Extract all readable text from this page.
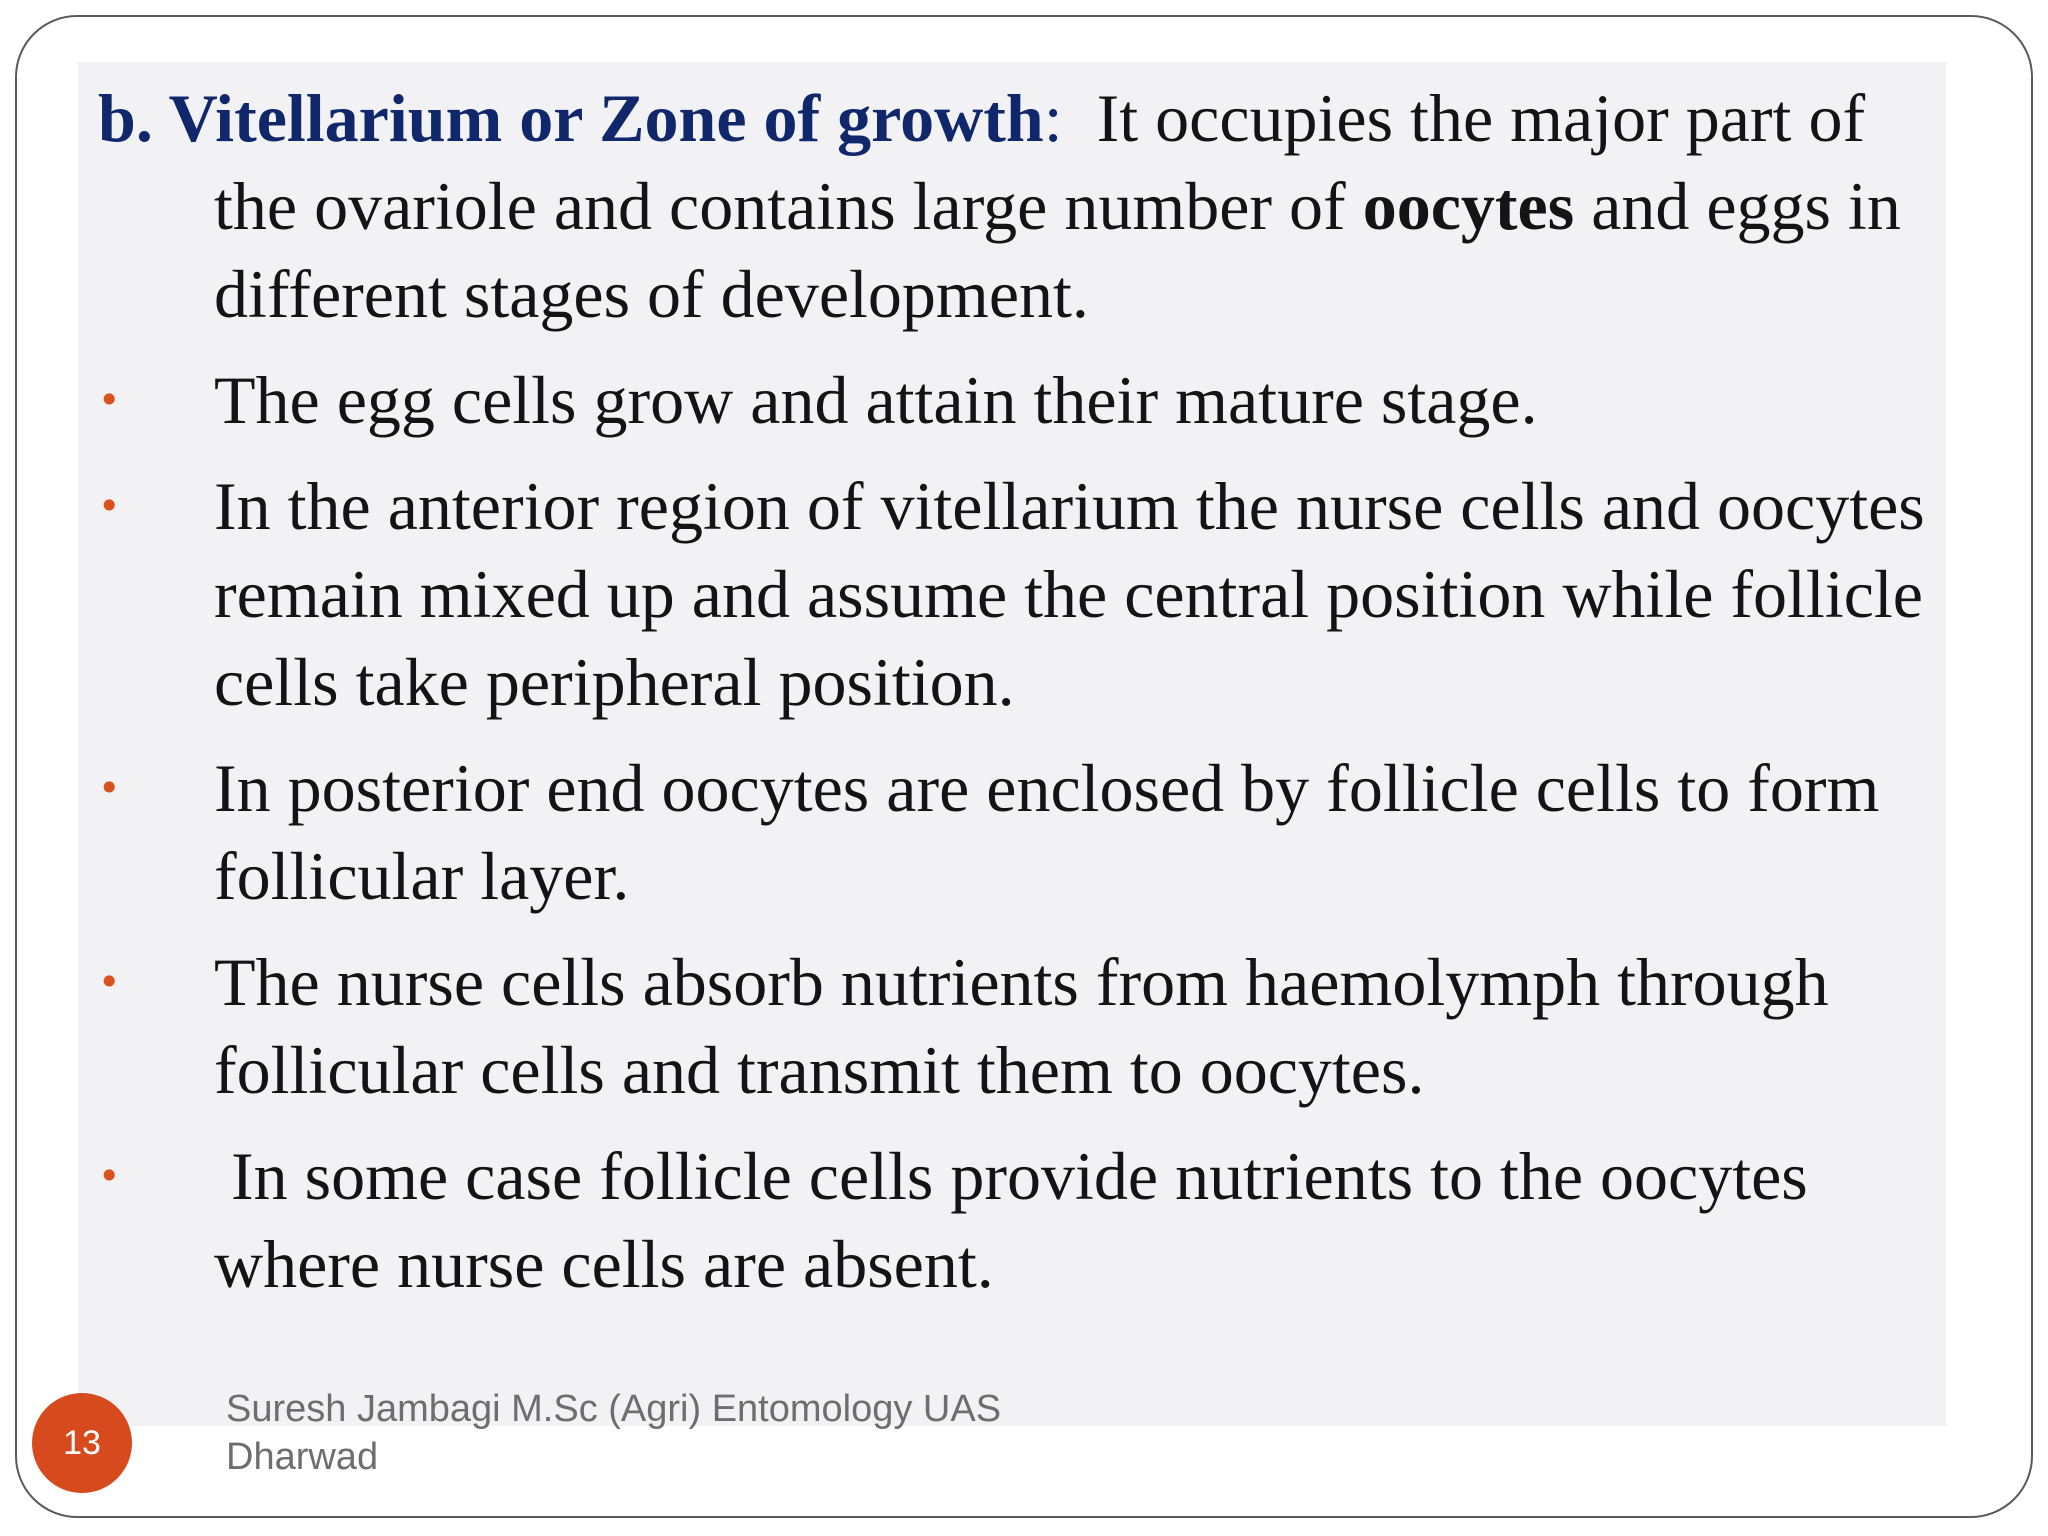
b. Vitellarium or Zone of growth:  It occupies the major part of the ovariole and contains large number of oocytes and eggs in different stages of development.

• The egg cells grow and attain their mature stage.
• In the anterior region of vitellarium the nurse cells and oocytes remain mixed up and assume the central position while follicle cells take peripheral position.
• In posterior end oocytes are enclosed by follicle cells to form follicular layer.
• The nurse cells absorb nutrients from haemolymph through follicular cells and transmit them to oocytes.
• In some case follicle cells provide nutrients to the oocytes where nurse cells are absent.
13
Suresh Jambagi M.Sc (Agri) Entomology UAS Dharwad
